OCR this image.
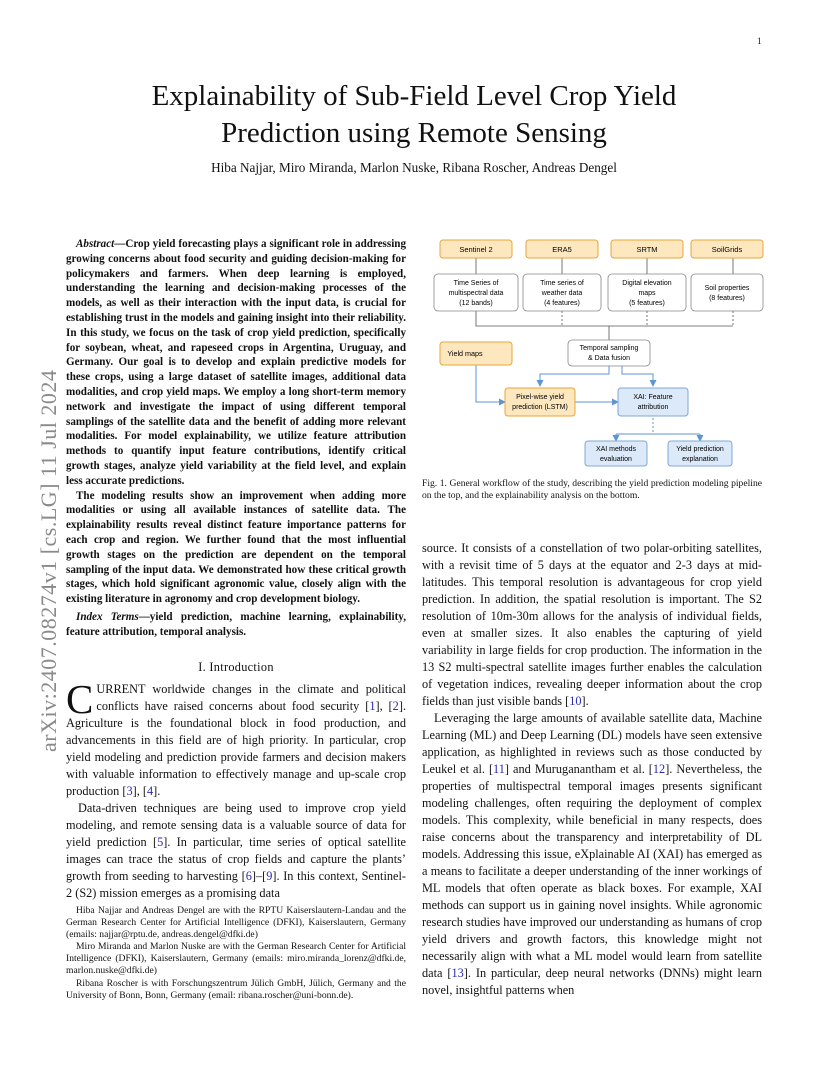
1
arXiv:2407.08274v1 [cs.LG] 11 Jul 2024
Explainability of Sub-Field Level Crop Yield
Prediction using Remote Sensing
Hiba Najjar, Miro Miranda, Marlon Nuske, Ribana Roscher, Andreas Dengel

Abstract—Crop yield forecasting plays a significant role in addressing growing concerns about food security and guiding decision-making for policymakers and farmers. When deep learning is employed, understanding the learning and decision-making processes of the models, as well as their interaction with the input data, is crucial for establishing trust in the models and gaining insight into their reliability. In this study, we focus on the task of crop yield prediction, specifically for soybean, wheat, and rapeseed crops in Argentina, Uruguay, and Germany. Our goal is to develop and explain predictive models for these crops, using a large dataset of satellite images, additional data modalities, and crop yield maps. We employ a long short-term memory network and investigate the impact of using different temporal samplings of the satellite data and the benefit of adding more relevant modalities. For model explainability, we utilize feature attribution methods to quantify input feature contributions, identify critical growth stages, analyze yield variability at the field level, and explain less accurate predictions.

The modeling results show an improvement when adding more modalities or using all available instances of satellite data. The explainability results reveal distinct feature importance patterns for each crop and region. We further found that the most influential growth stages on the prediction are dependent on the temporal sampling of the input data. We demonstrated how these critical growth stages, which hold significant agronomic value, closely align with the existing literature in agronomy and crop development biology.

Index Terms—yield prediction, machine learning, explainability, feature attribution, temporal analysis.
I. Introduction

CURRENT worldwide changes in the climate and political conflicts have raised concerns about food security [1], [2]. Agriculture is the foundational block in food production, and advancements in this field are of high priority. In particular, crop yield modeling and prediction provide farmers and decision makers with valuable information to effectively manage and up-scale crop production [3], [4].

Data-driven techniques are being used to improve crop yield modeling, and remote sensing data is a valuable source of data for yield prediction [5]. In particular, time series of optical satellite images can trace the status of crop fields and capture the plants’ growth from seeding to harvesting [6]–[9]. In this context, Sentinel-2 (S2) mission emerges as a promising data

Hiba Najjar and Andreas Dengel are with the RPTU Kaiserslautern-Landau and the German Research Center for Artificial Intelligence (DFKI), Kaiserslautern, Germany (emails: najjar@rptu.de, andreas.dengel@dfki.de)

Miro Miranda and Marlon Nuske are with the German Research Center for Artificial Intelligence (DFKI), Kaiserslautern, Germany (emails: miro.miranda_lorenz@dfki.de, marlon.nuske@dfki.de)

Ribana Roscher is with Forschungszentrum Jülich GmbH, Jülich, Germany and the University of Bonn, Bonn, Germany (email: ribana.roscher@uni-bonn.de).

Sentinel 2	ERA5	SRTM	SoilGrids
Time Series of
multispectral data
(12 bands)
Time series of
weather data
(4 features)
Digital elevation
maps
(5 features)
Soil properties
(8 features)
Temporal sampling
& Data fusion
Yield maps
Pixel-wise yield
prediction (LSTM)
XAI: Feature
attribution
XAI methods
evaluation
Yield prediction
explanation
Fig. 1. General workflow of the study, describing the yield prediction modeling pipeline on the top, and the explainability analysis on the bottom.

source. It consists of a constellation of two polar-orbiting satellites, with a revisit time of 5 days at the equator and 2-3 days at mid-latitudes. This temporal resolution is advantageous for crop yield prediction. In addition, the spatial resolution is important. The S2 resolution of 10m-30m allows for the analysis of individual fields, even at smaller sizes. It also enables the capturing of yield variability in large fields for crop production. The information in the 13 S2 multi-spectral satellite images further enables the calculation of vegetation indices, revealing deeper information about the crop fields than just visible bands [10].

Leveraging the large amounts of available satellite data, Machine Learning (ML) and Deep Learning (DL) models have seen extensive application, as highlighted in reviews such as those conducted by Leukel et al. [11] and Muruganantham et al. [12]. Nevertheless, the properties of multispectral temporal images presents significant modeling challenges, often requiring the deployment of complex models. This complexity, while beneficial in many respects, does raise concerns about the transparency and interpretability of DL models. Addressing this issue, eXplainable AI (XAI) has emerged as a means to facilitate a deeper understanding of the inner workings of ML models that often operate as black boxes. For example, XAI methods can support us in gaining novel insights. While agronomic research studies have improved our understanding as humans of crop yield drivers and growth factors, this knowledge might not necessarily align with what a ML model would learn from satellite data [13]. In particular, deep neural networks (DNNs) might learn novel, insightful patterns when
